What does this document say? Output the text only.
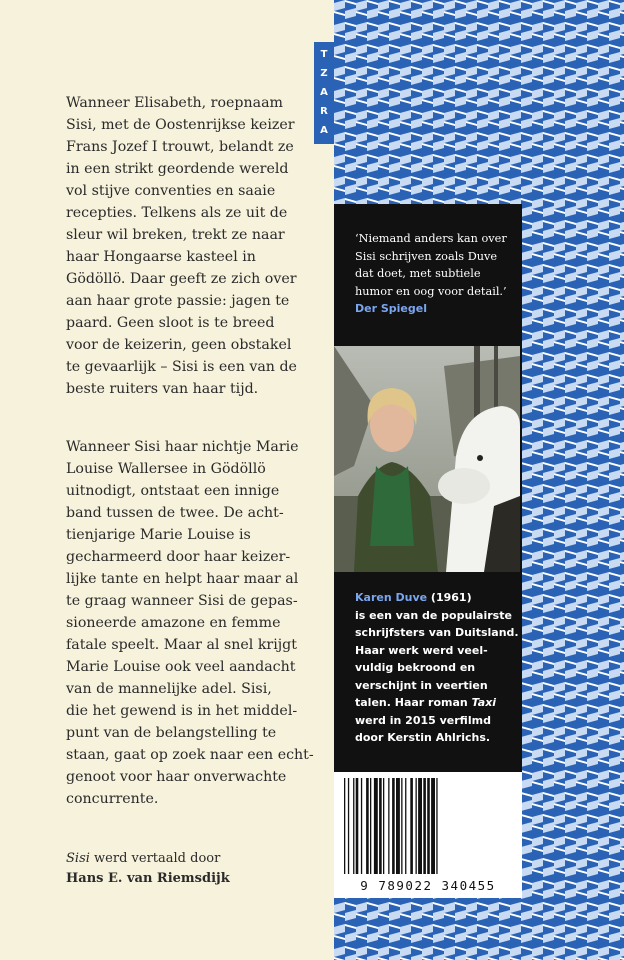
Wanneer Elisabeth, roepnaam
Sisi, met de Oostenrijkse keizer
Frans Jozef I trouwt, belandt ze
in een strikt geordende wereld
vol stijve conventies en saaie
recepties. Telkens als ze uit de
sleur wil breken, trekt ze naar
haar Hongaarse kasteel in
Gödöllö. Daar geeft ze zich over
aan haar grote passie: jagen te
paard. Geen sloot is te breed
voor de keizerin, geen obstakel
te gevaarlijk – Sisi is een van de
beste ruiters van haar tijd.

Wanneer Sisi haar nichtje Marie
Louise Wallersee in Gödöllö
uitnodigt, ontstaat een innige
band tussen de twee. De acht-
tienjarige Marie Louise is
gecharmeerd door haar keizer-
lijke tante en helpt haar maar al
te graag wanneer Sisi de gepas-
sioneerde amazone en femme
fatale speelt. Maar al snel krijgt
Marie Louise ook veel aandacht
van de mannelijke adel. Sisi,
die het gewend is in het middel-
punt van de belangstelling te
staan, gaat op zoek naar een echt-
genoot voor haar onverwachte
concurrente.

Sisi werd vertaald door
Hans E. van Riemsdijk
T
Z
A
R
A

‘Niemand anders kan over
Sisi schrijven zoals Duve
dat doet, met subtiele
humor en oog voor detail.’

Der Spiegel
Karen Duve (1961)
is een van de populairste
schrijfsters van Duitsland.
Haar werk werd veel-
vuldig bekroond en
verschijnt in veertien
talen. Haar roman Taxi
werd in 2015 verfilmd
door Kerstin Ahlrichs.
9 789022 340455
